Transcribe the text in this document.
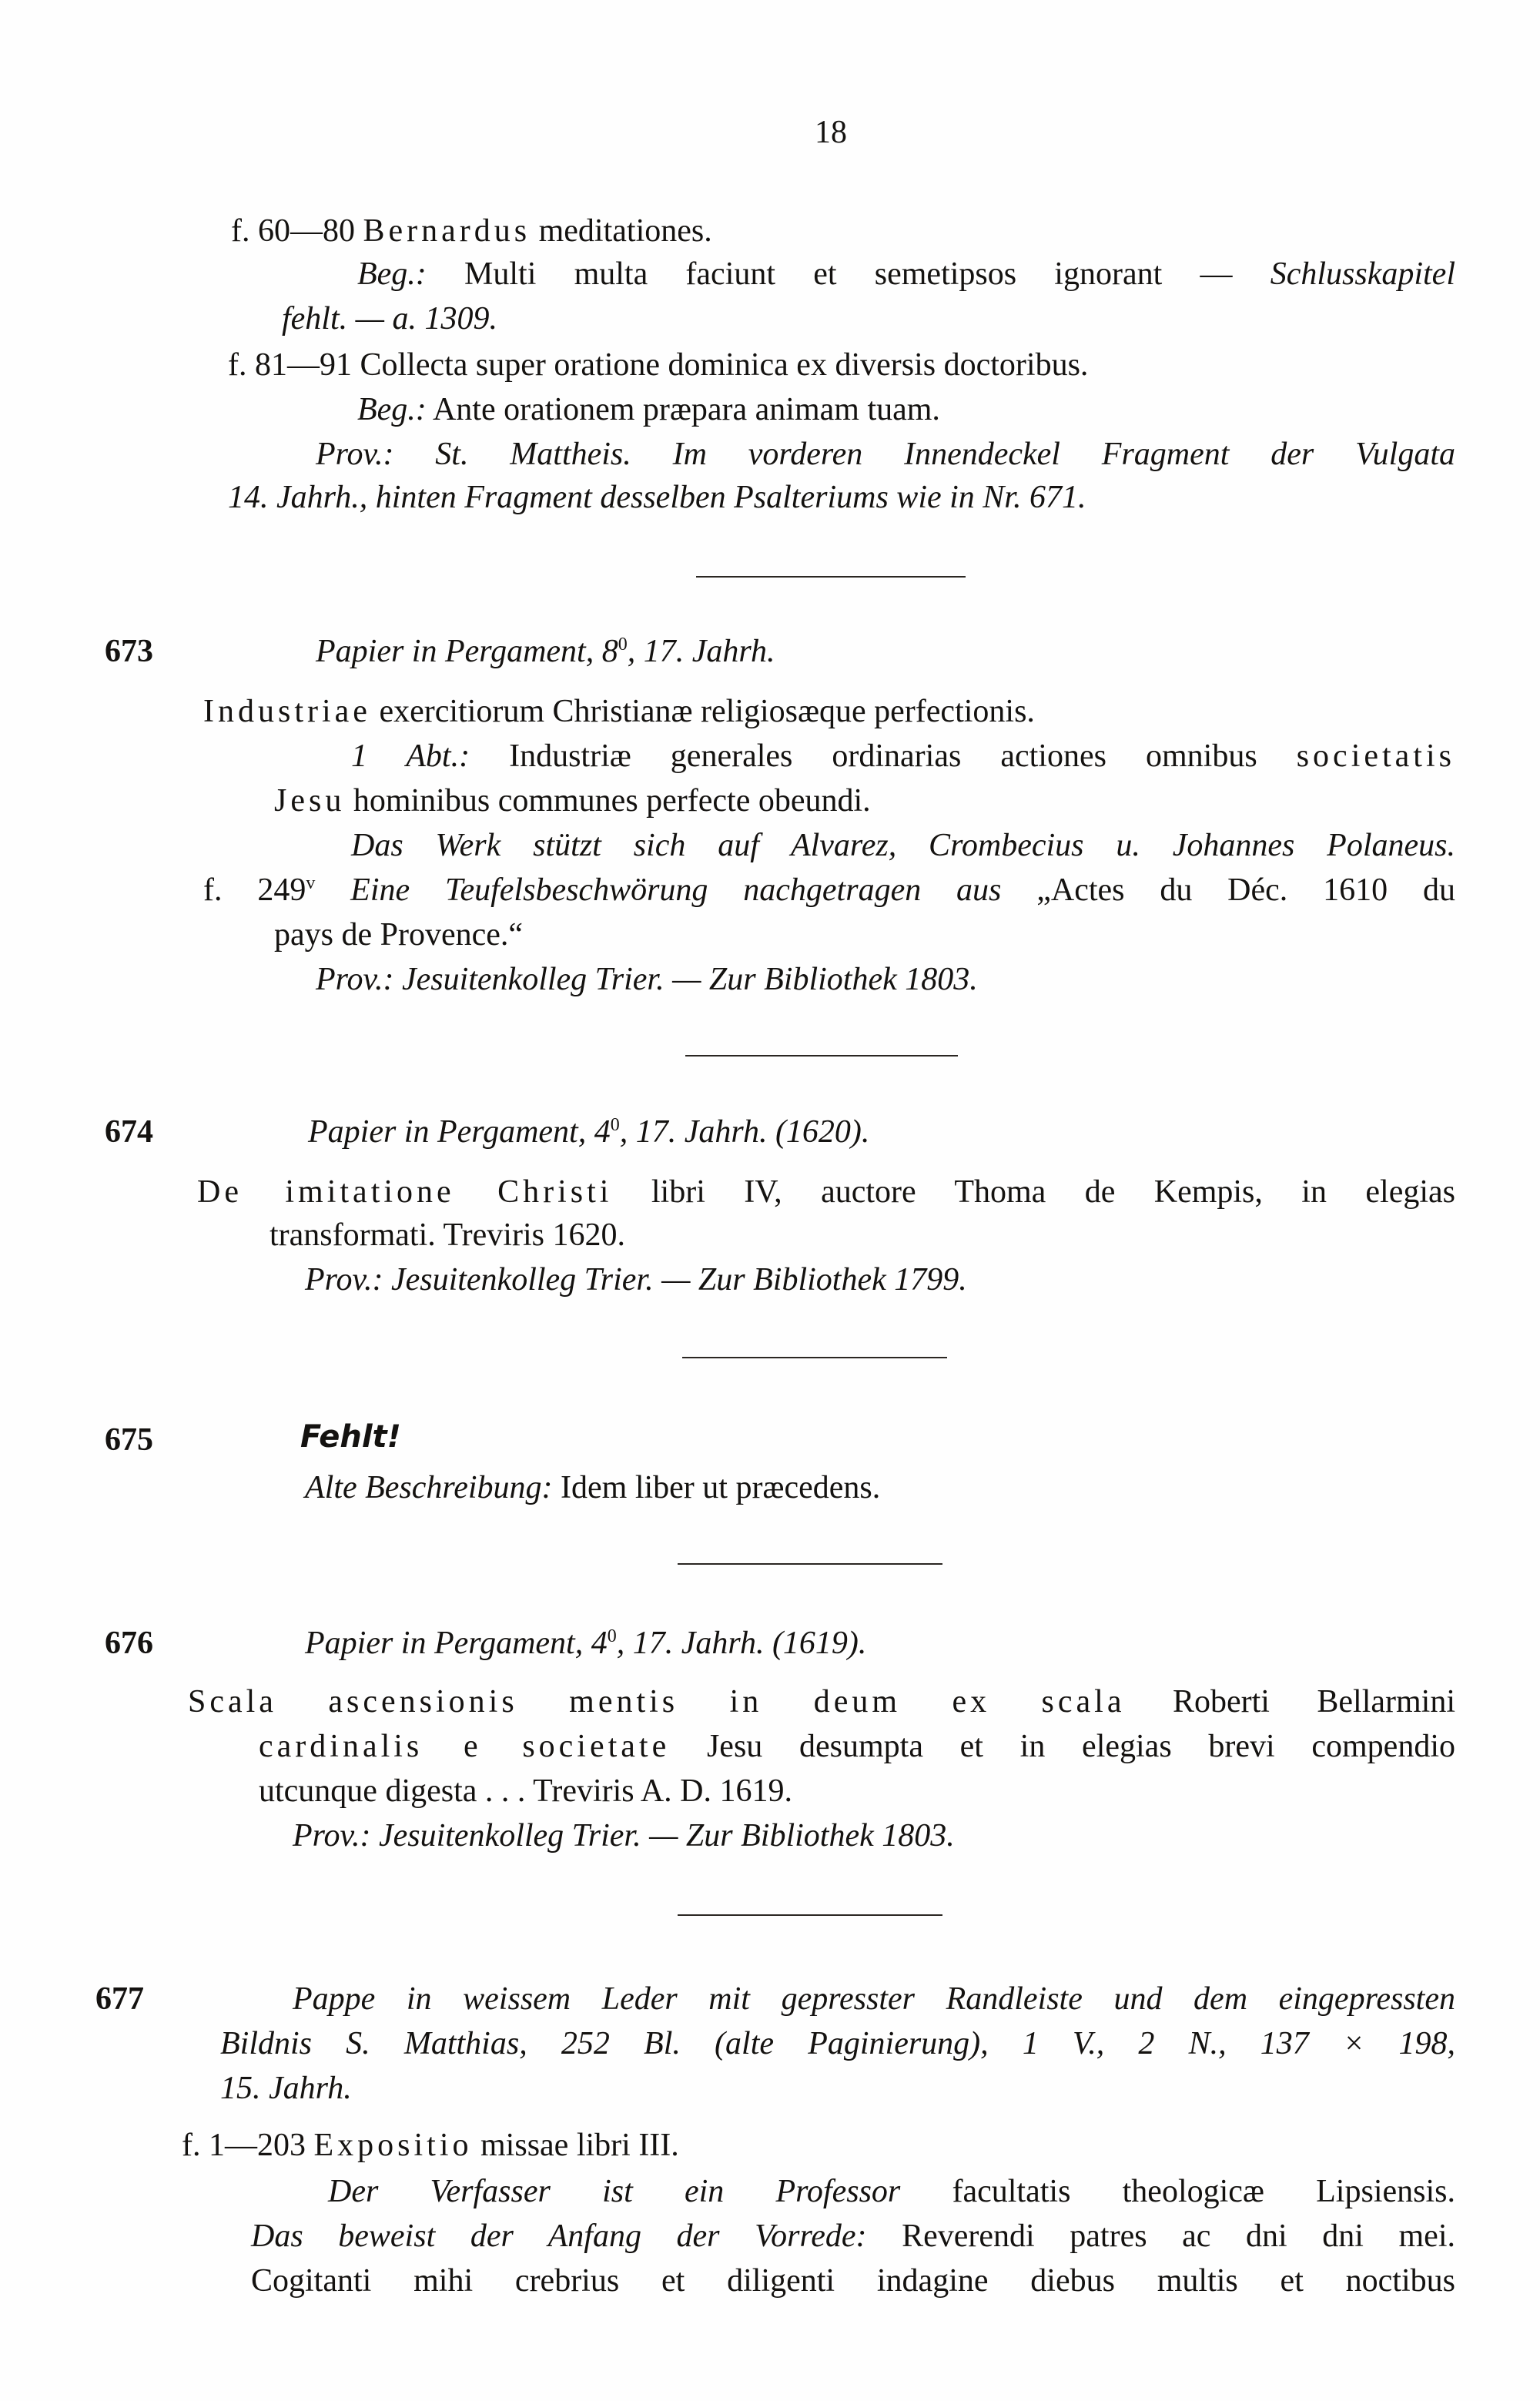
18
f. 60—80 Bernardus meditationes.
Beg.: Multi multa faciunt et semetipsos ignorant — Schlusskapitel
fehlt. — a. 1309.
f. 81—91 Collecta super oratione dominica ex diversis doctoribus.
Beg.: Ante orationem præpara animam tuam.
Prov.: St. Mattheis. Im vorderen Innendeckel Fragment der Vulgata
14. Jahrh., hinten Fragment desselben Psalteriums wie in Nr. 671.
673	Papier in Pergament, $8^0$, 17. Jahrh.
Industriae exercitiorum Christianæ religiosæque perfectionis.
1 Abt.: Industriæ generales ordinarias actiones omnibus societatis
Jesu hominibus communes perfecte obeundi.
Das Werk stützt sich auf Alvarez, Crombecius u. Johannes Polaneus.
f. 249$^v$ Eine Teufelsbeschwörung nachgetragen aus „Actes du Déc. 1610 du
pays de Provence.“
Prov.: Jesuitenkolleg Trier. — Zur Bibliothek 1803.
674	Papier in Pergament, $4^0$, 17. Jahrh. (1620).
De imitatione Christi libri IV, auctore Thoma de Kempis, in elegias
transformati. Treviris 1620.
Prov.: Jesuitenkolleg Trier. — Zur Bibliothek 1799.
675	Fehlt!
Alte Beschreibung: Idem liber ut præcedens.
676	Papier in Pergament, $4^0$, 17. Jahrh. (1619).
Scala ascensionis mentis in deum ex scala Roberti Bellarmini
cardinalis e societate Jesu desumpta et in elegias brevi compendio
utcunque digesta . . . Treviris A. D. 1619.
Prov.: Jesuitenkolleg Trier. — Zur Bibliothek 1803.
677	Pappe in weissem Leder mit gepresster Randleiste und dem eingepressten
Bildnis S. Matthias, 252 Bl. (alte Paginierung), 1 V., 2 N., 137 × 198,
15. Jahrh.
f. 1—203 Expositio missae libri III.
Der Verfasser ist ein Professor facultatis theologicæ Lipsiensis.
Das beweist der Anfang der Vorrede: Reverendi patres ac dni dni mei.
Cogitanti mihi crebrius et diligenti indagine diebus multis et noctibus
